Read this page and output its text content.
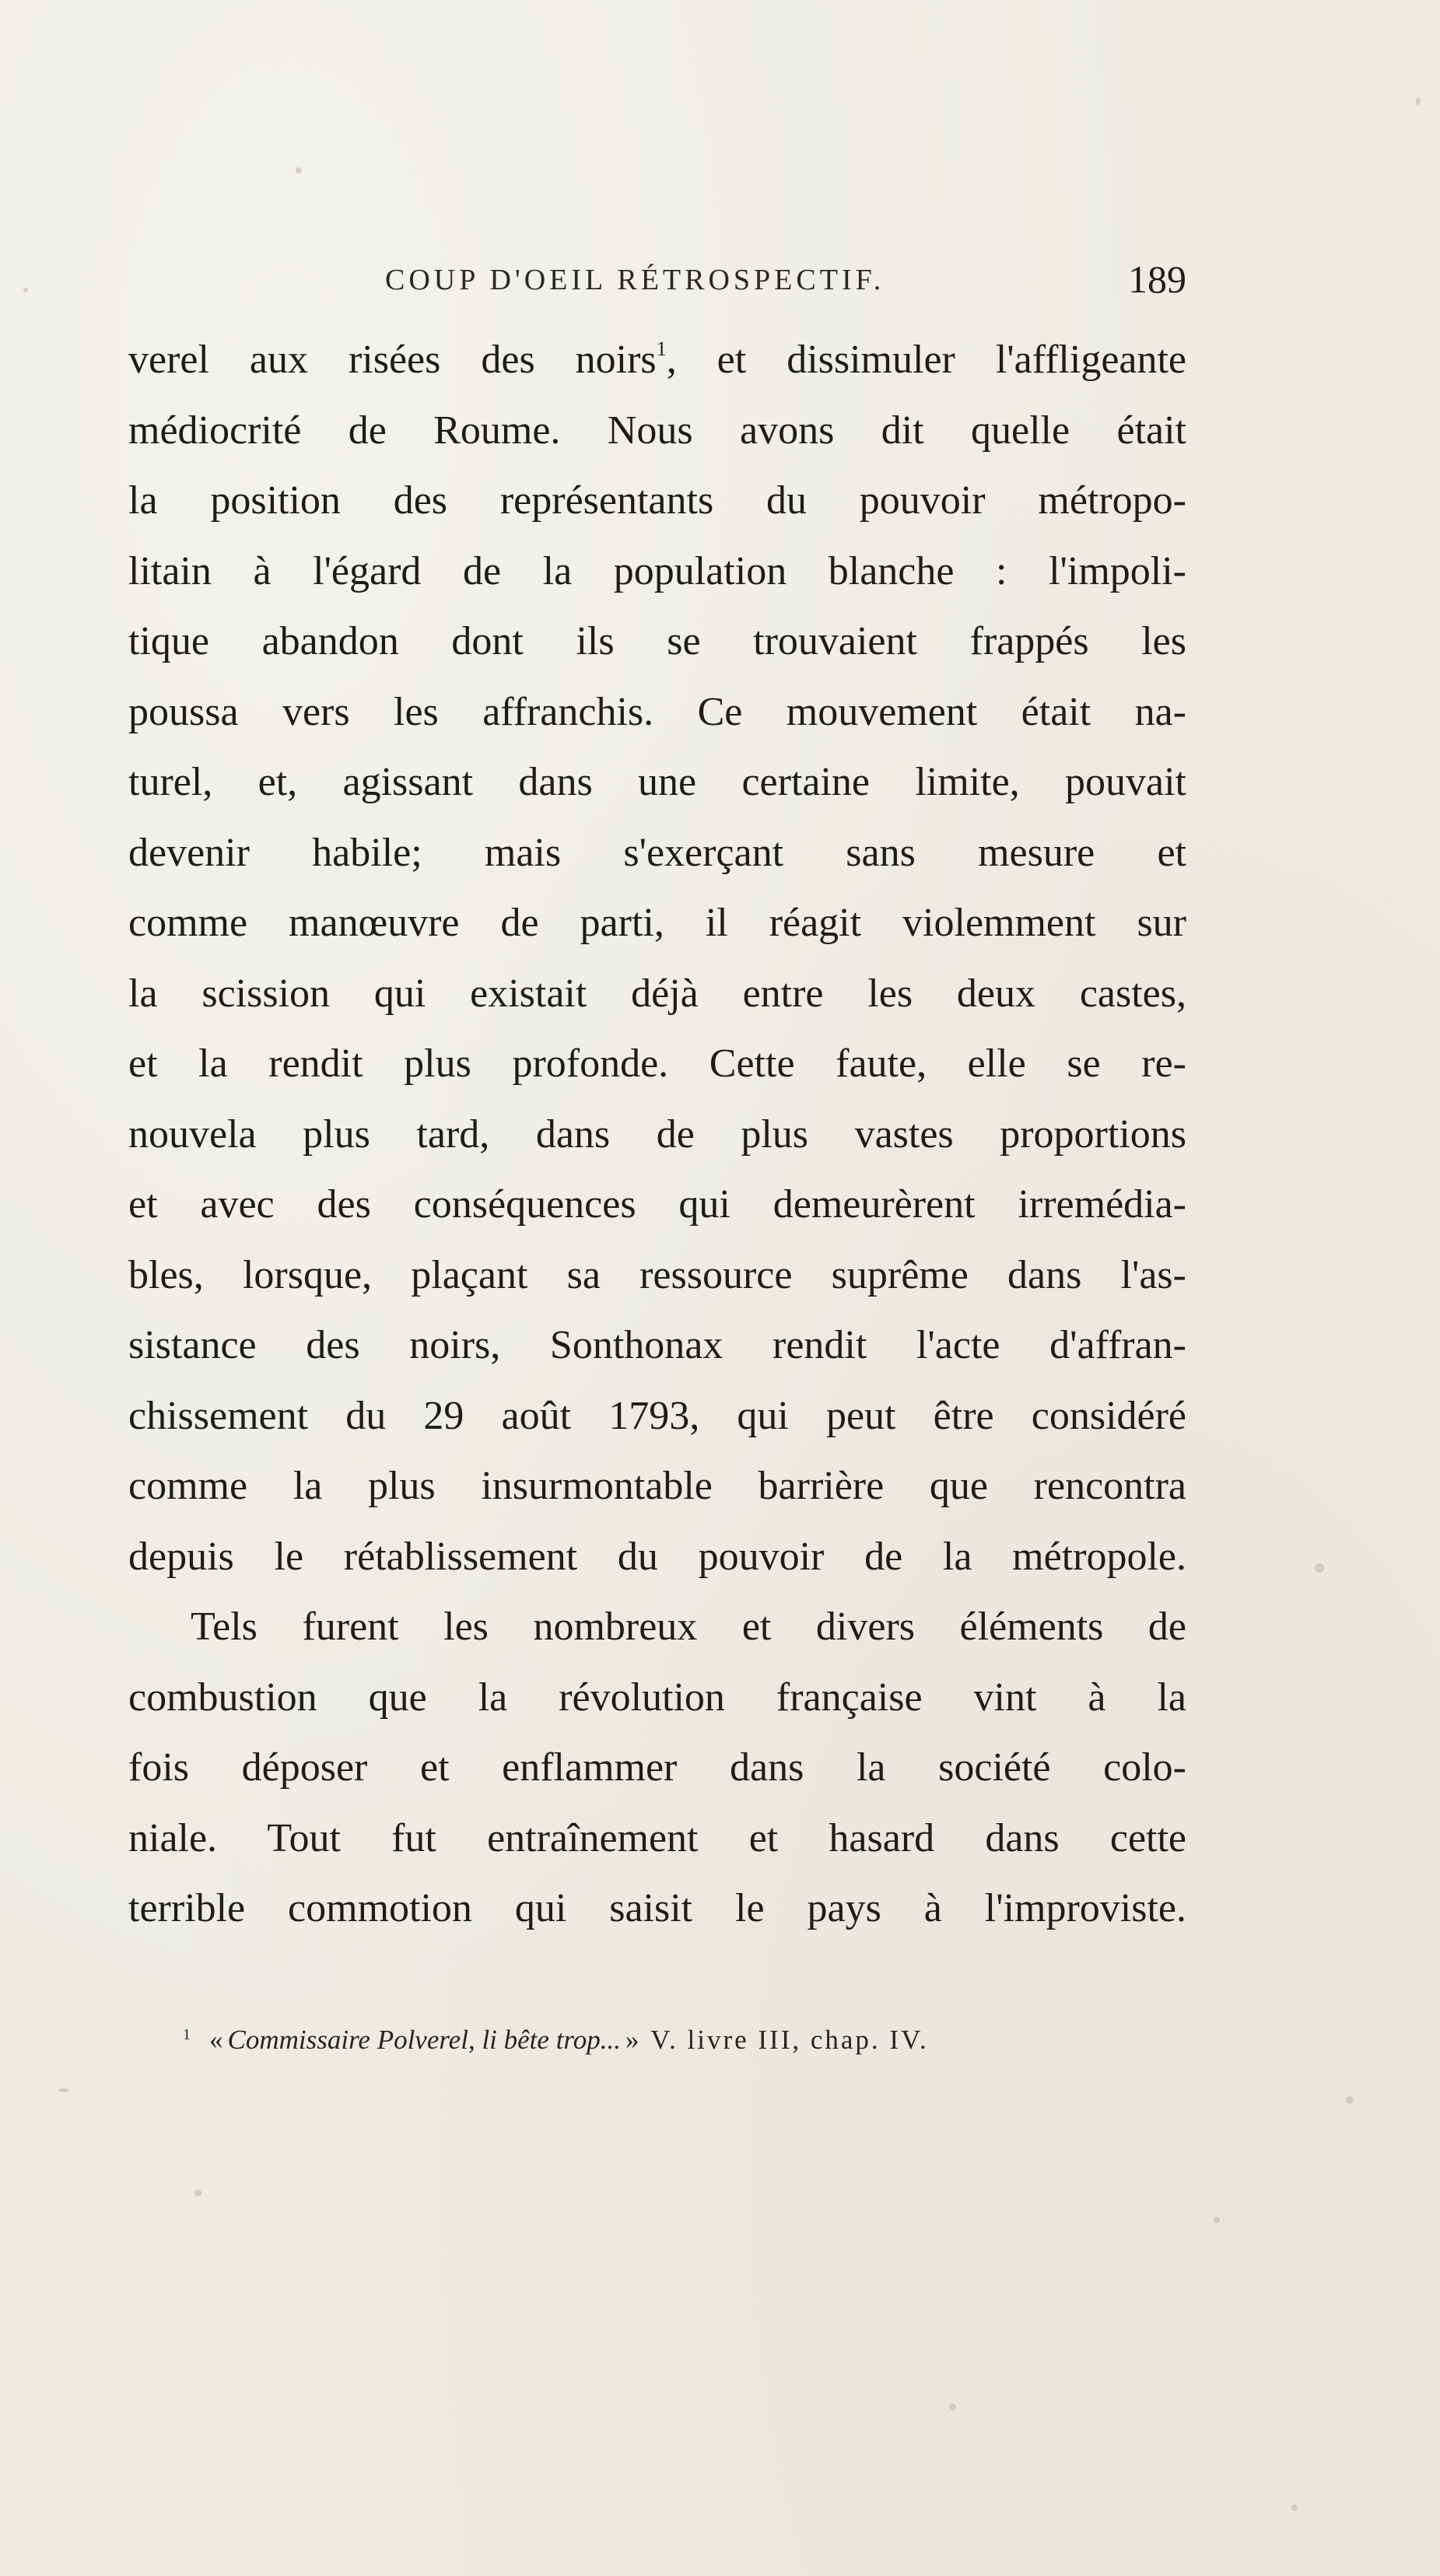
COUP D'OEIL RÉTROSPECTIF.	189
verel aux risées des noirs$^1$, et dissimuler l'affligeante
médiocrité de Roume. Nous avons dit quelle était
la position des représentants du pouvoir métropo-
litain à l'égard de la population blanche : l'impoli-
tique abandon dont ils se trouvaient frappés les
poussa vers les affranchis. Ce mouvement était na-
turel, et, agissant dans une certaine limite, pouvait
devenir habile; mais s'exerçant sans mesure et
comme manœuvre de parti, il réagit violemment sur
la scission qui existait déjà entre les deux castes,
et la rendit plus profonde. Cette faute, elle se re-
nouvela plus tard, dans de plus vastes proportions
et avec des conséquences qui demeurèrent irremédia-
bles, lorsque, plaçant sa ressource suprême dans l'as-
sistance des noirs, Sonthonax rendit l'acte d'affran-
chissement du 29 août 1793, qui peut être considéré
comme la plus insurmontable barrière que rencontra
depuis le rétablissement du pouvoir de la métropole.
Tels furent les nombreux et divers éléments de
combustion que la révolution française vint à la
fois déposer et enflammer dans la société colo-
niale. Tout fut entraînement et hasard dans cette
terrible commotion qui saisit le pays à l'improviste.
$^1$ « Commissaire Polverel, li bête trop... » V. livre III, chap. IV.
